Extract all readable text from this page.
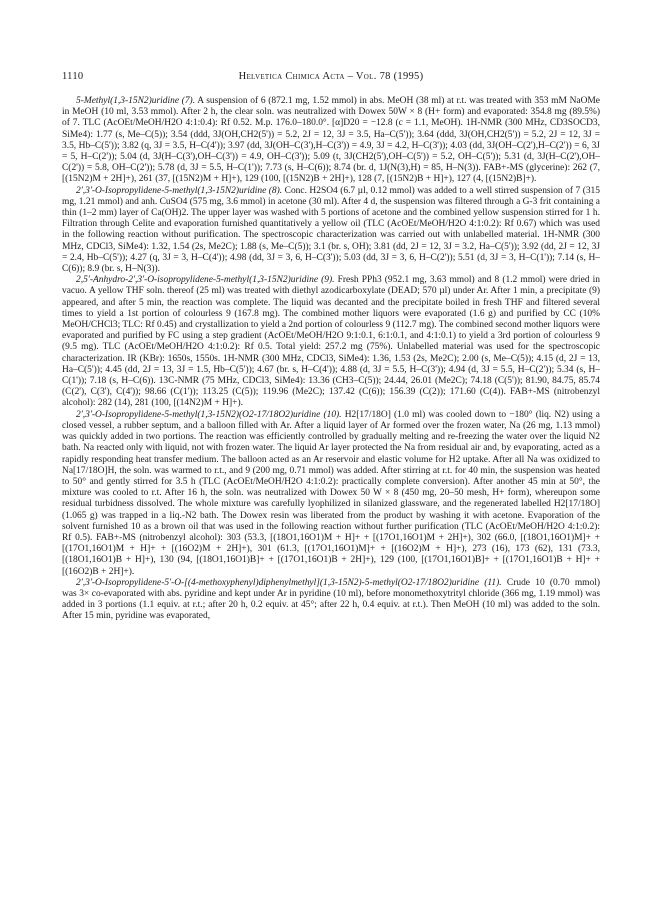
1110	Helvetica Chimica Acta – Vol. 78 (1995)

5-Methyl(1,3-15N2)uridine (7). A suspension of 6 (872.1 mg, 1.52 mmol) in abs. MeOH (38 ml) at r.t. was treated with 353 mM NaOMe in MeOH (10 ml, 3.53 mmol). After 2 h, the clear soln. was neutralized with Dowex 50W × 8 (H+ form) and evaporated: 354.8 mg (89.5%) of 7. TLC (AcOEt/MeOH/H2O 4:1:0.4): Rf 0.52. M.p. 176.0–180.0°. [α]D20 = −12.8 (c = 1.1, MeOH). 1H-NMR (300 MHz, CD3SOCD3, SiMe4): 1.77 (s, Me–C(5)); 3.54 (ddd, 3J(OH,CH2(5')) = 5.2, 2J = 12, 3J = 3.5, Ha–C(5')); 3.64 (ddd, 3J(OH,CH2(5')) = 5.2, 2J = 12, 3J = 3.5, Hb–C(5')); 3.82 (q, 3J = 3.5, H–C(4')); 3.97 (dd, 3J(OH–C(3'),H–C(3')) = 4.9, 3J = 4.2, H–C(3')); 4.03 (dd, 3J(OH–C(2'),H–C(2')) = 6, 3J = 5, H–C(2')); 5.04 (d, 3J(H–C(3'),OH–C(3')) = 4.9, OH–C(3')); 5.09 (t, 3J(CH2(5'),OH–C(5')) = 5.2, OH–C(5')); 5.31 (d, 3J(H–C(2'),OH–C(2')) = 5.8, OH–C(2')); 5.78 (d, 3J = 5.5, H–C(1')); 7.73 (s, H–C(6)); 8.74 (br. d, 1J(N(3),H) = 85, H–N(3)). FAB+-MS (glycerine): 262 (7, [(15N2)M + 2H]+), 261 (37, [(15N2)M + H]+), 129 (100, [(15N2)B + 2H]+), 128 (7, [(15N2)B + H]+), 127 (4, [(15N2)B]+).

2',3'-O-Isopropylidene-5-methyl(1,3-15N2)uridine (8). Conc. H2SO4 (6.7 µl, 0.12 mmol) was added to a well stirred suspension of 7 (315 mg, 1.21 mmol) and anh. CuSO4 (575 mg, 3.6 mmol) in acetone (30 ml). After 4 d, the suspension was filtered through a G-3 frit containing a thin (1–2 mm) layer of Ca(OH)2. The upper layer was washed with 5 portions of acetone and the combined yellow suspension stirred for 1 h. Filtration through Celite and evaporation furnished quantitatively a yellow oil (TLC (AcOEt/MeOH/H2O 4:1:0.2): Rf 0.67) which was used in the following reaction without purification. The spectroscopic characterization was carried out with unlabelled material. 1H-NMR (300 MHz, CDCl3, SiMe4): 1.32, 1.54 (2s, Me2C); 1.88 (s, Me–C(5)); 3.1 (br. s, OH); 3.81 (dd, 2J = 12, 3J = 3.2, Ha–C(5')); 3.92 (dd, 2J = 12, 3J = 2.4, Hb–C(5')); 4.27 (q, 3J = 3, H–C(4')); 4.98 (dd, 3J = 3, 6, H–C(3')); 5.03 (dd, 3J = 3, 6, H–C(2')); 5.51 (d, 3J = 3, H–C(1')); 7.14 (s, H–C(6)); 8.9 (br. s, H–N(3)).

2,5'-Anhydro-2',3'-O-isopropylidene-5-methyl(1,3-15N2)uridine (9). Fresh PPh3 (952.1 mg, 3.63 mmol) and 8 (1.2 mmol) were dried in vacuo. A yellow THF soln. thereof (25 ml) was treated with diethyl azodicarboxylate (DEAD; 570 µl) under Ar. After 1 min, a precipitate (9) appeared, and after 5 min, the reaction was complete. The liquid was decanted and the precipitate boiled in fresh THF and filtered several times to yield a 1st portion of colourless 9 (167.8 mg). The combined mother liquors were evaporated (1.6 g) and purified by CC (10% MeOH/CHCl3; TLC: Rf 0.45) and crystallization to yield a 2nd portion of colourless 9 (112.7 mg). The combined second mother liquors were evaporated and purified by FC using a step gradient (AcOEt/MeOH/H2O 9:1:0.1, 6:1:0.1, and 4:1:0.1) to yield a 3rd portion of colourless 9 (9.5 mg). TLC (AcOEt/MeOH/H2O 4:1:0.2): Rf 0.5. Total yield: 257.2 mg (75%). Unlabelled material was used for the spectroscopic characterization. IR (KBr): 1650s, 1550s. 1H-NMR (300 MHz, CDCl3, SiMe4): 1.36, 1.53 (2s, Me2C); 2.00 (s, Me–C(5)); 4.15 (d, 2J = 13, Ha–C(5')); 4.45 (dd, 2J = 13, 3J = 1.5, Hb–C(5')); 4.67 (br. s, H–C(4')); 4.88 (d, 3J = 5.5, H–C(3')); 4.94 (d, 3J = 5.5, H–C(2')); 5.34 (s, H–C(1')); 7.18 (s, H–C(6)). 13C-NMR (75 MHz, CDCl3, SiMe4): 13.36 (CH3–C(5)); 24.44, 26.01 (Me2C); 74.18 (C(5')); 81.90, 84.75, 85.74 (C(2'), C(3'), C(4')); 98.66 (C(1')); 113.25 (C(5)); 119.96 (Me2C); 137.42 (C(6)); 156.39 (C(2)); 171.60 (C(4)). FAB+-MS (nitrobenzyl alcohol): 282 (14), 281 (100, [(14N2)M + H]+).

2',3'-O-Isopropylidene-5-methyl(1,3-15N2)(O2-17/18O2)uridine (10). H2[17/18O] (1.0 ml) was cooled down to −180° (liq. N2) using a closed vessel, a rubber septum, and a balloon filled with Ar. After a liquid layer of Ar formed over the frozen water, Na (26 mg, 1.13 mmol) was quickly added in two portions. The reaction was efficiently controlled by gradually melting and re-freezing the water over the liquid N2 bath. Na reacted only with liquid, not with frozen water. The liquid Ar layer protected the Na from residual air and, by evaporating, acted as a rapidly responding heat transfer medium. The balloon acted as an Ar reservoir and elastic volume for H2 uptake. After all Na was oxidized to Na[17/18O]H, the soln. was warmed to r.t., and 9 (200 mg, 0.71 mmol) was added. After stirring at r.t. for 40 min, the suspension was heated to 50° and gently stirred for 3.5 h (TLC (AcOEt/MeOH/H2O 4:1:0.2): practically complete conversion). After another 45 min at 50°, the mixture was cooled to r.t. After 16 h, the soln. was neutralized with Dowex 50 W × 8 (450 mg, 20–50 mesh, H+ form), whereupon some residual turbidness dissolved. The whole mixture was carefully lyophilized in silanized glassware, and the regenerated labelled H2[17/18O] (1.065 g) was trapped in a liq.-N2 bath. The Dowex resin was liberated from the product by washing it with acetone. Evaporation of the solvent furnished 10 as a brown oil that was used in the following reaction without further purification (TLC (AcOEt/MeOH/H2O 4:1:0.2): Rf 0.5). FAB+-MS (nitrobenzyl alcohol): 303 (53.3, [(18O1,16O1)M + H]+ + [(17O1,16O1)M + 2H]+), 302 (66.0, [(18O1,16O1)M]+ + [(17O1,16O1)M + H]+ + [(16O2)M + 2H]+), 301 (61.3, [(17O1,16O1)M]+ + [(16O2)M + H]+), 273 (16), 173 (62), 131 (73.3, [(18O1,16O1)B + H]+), 130 (94, [(18O1,16O1)B]+ + [(17O1,16O1)B + 2H]+), 129 (100, [(17O1,16O1)B]+ + [(17O1,16O1)B + H]+ + [(16O2)B + 2H]+).

2',3'-O-Isopropylidene-5'-O-[(4-methoxyphenyl)diphenylmethyl](1,3-15N2)-5-methyl(O2-17/18O2)uridine (11). Crude 10 (0.70 mmol) was 3× co-evaporated with abs. pyridine and kept under Ar in pyridine (10 ml), before monomethoxytrityl chloride (366 mg, 1.19 mmol) was added in 3 portions (1.1 equiv. at r.t.; after 20 h, 0.2 equiv. at 45°; after 22 h, 0.4 equiv. at r.t.). Then MeOH (10 ml) was added to the soln. After 15 min, pyridine was evaporated,
